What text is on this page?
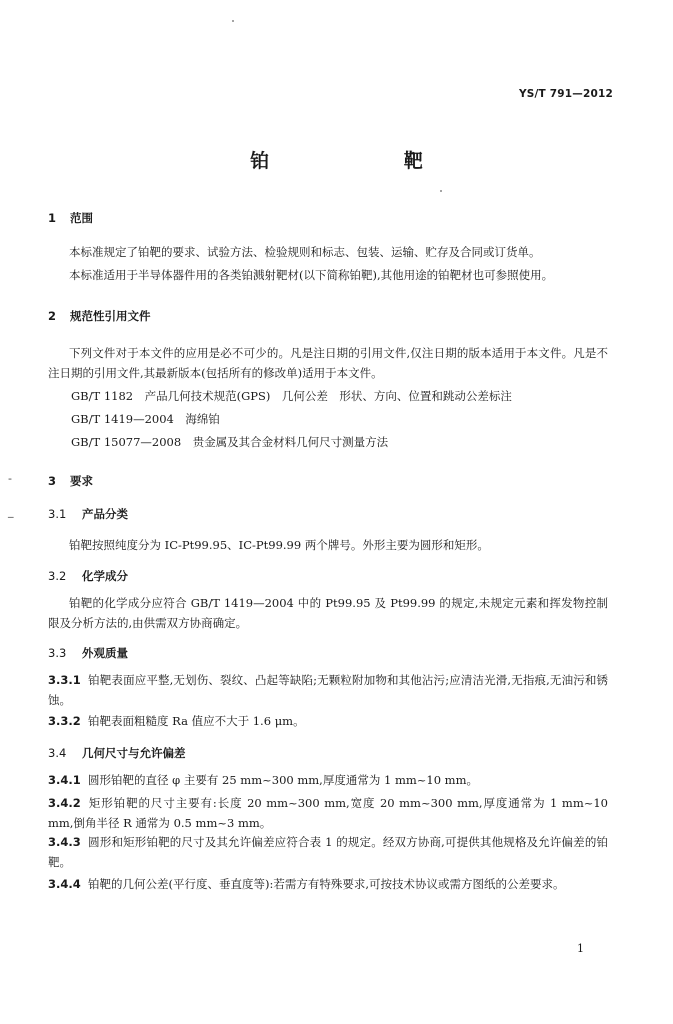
YS/T 791—2012
铂 靶
1 范围
本标准规定了铂靶的要求、试验方法、检验规则和标志、包装、运输、贮存及合同或订货单。
本标准适用于半导体器件用的各类铂溅射靶材(以下简称铂靶),其他用途的铂靶材也可参照使用。
2 规范性引用文件
下列文件对于本文件的应用是必不可少的。凡是注日期的引用文件,仅注日期的版本适用于本文件。凡是不注日期的引用文件,其最新版本(包括所有的修改单)适用于本文件。
GB/T 1182　产品几何技术规范(GPS)　几何公差　形状、方向、位置和跳动公差标注
GB/T 1419—2004　海绵铂
GB/T 15077—2008　贵金属及其合金材料几何尺寸测量方法
-	3 要求
_	3.1 产品分类
铂靶按照纯度分为 IC-Pt99.95、IC-Pt99.99 两个牌号。外形主要为圆形和矩形。
3.2 化学成分
铂靶的化学成分应符合 GB/T 1419—2004 中的 Pt99.95 及 Pt99.99 的规定,未规定元素和挥发物控制限及分析方法的,由供需双方协商确定。
3.3 外观质量
3.3.1 铂靶表面应平整,无划伤、裂纹、凸起等缺陷;无颗粒附加物和其他沾污;应清洁光滑,无指痕,无油污和锈蚀。
3.3.2 铂靶表面粗糙度 Ra 值应不大于 1.6 μm。
3.4 几何尺寸与允许偏差
3.4.1 圆形铂靶的直径 φ 主要有 25 mm~300 mm,厚度通常为 1 mm~10 mm。
3.4.2 矩形铂靶的尺寸主要有:长度 20 mm~300 mm,宽度 20 mm~300 mm,厚度通常为 1 mm~10 mm,倒角半径 R 通常为 0.5 mm~3 mm。
3.4.3 圆形和矩形铂靶的尺寸及其允许偏差应符合表 1 的规定。经双方协商,可提供其他规格及允许偏差的铂靶。
3.4.4 铂靶的几何公差(平行度、垂直度等):若需方有特殊要求,可按技术协议或需方图纸的公差要求。
1
